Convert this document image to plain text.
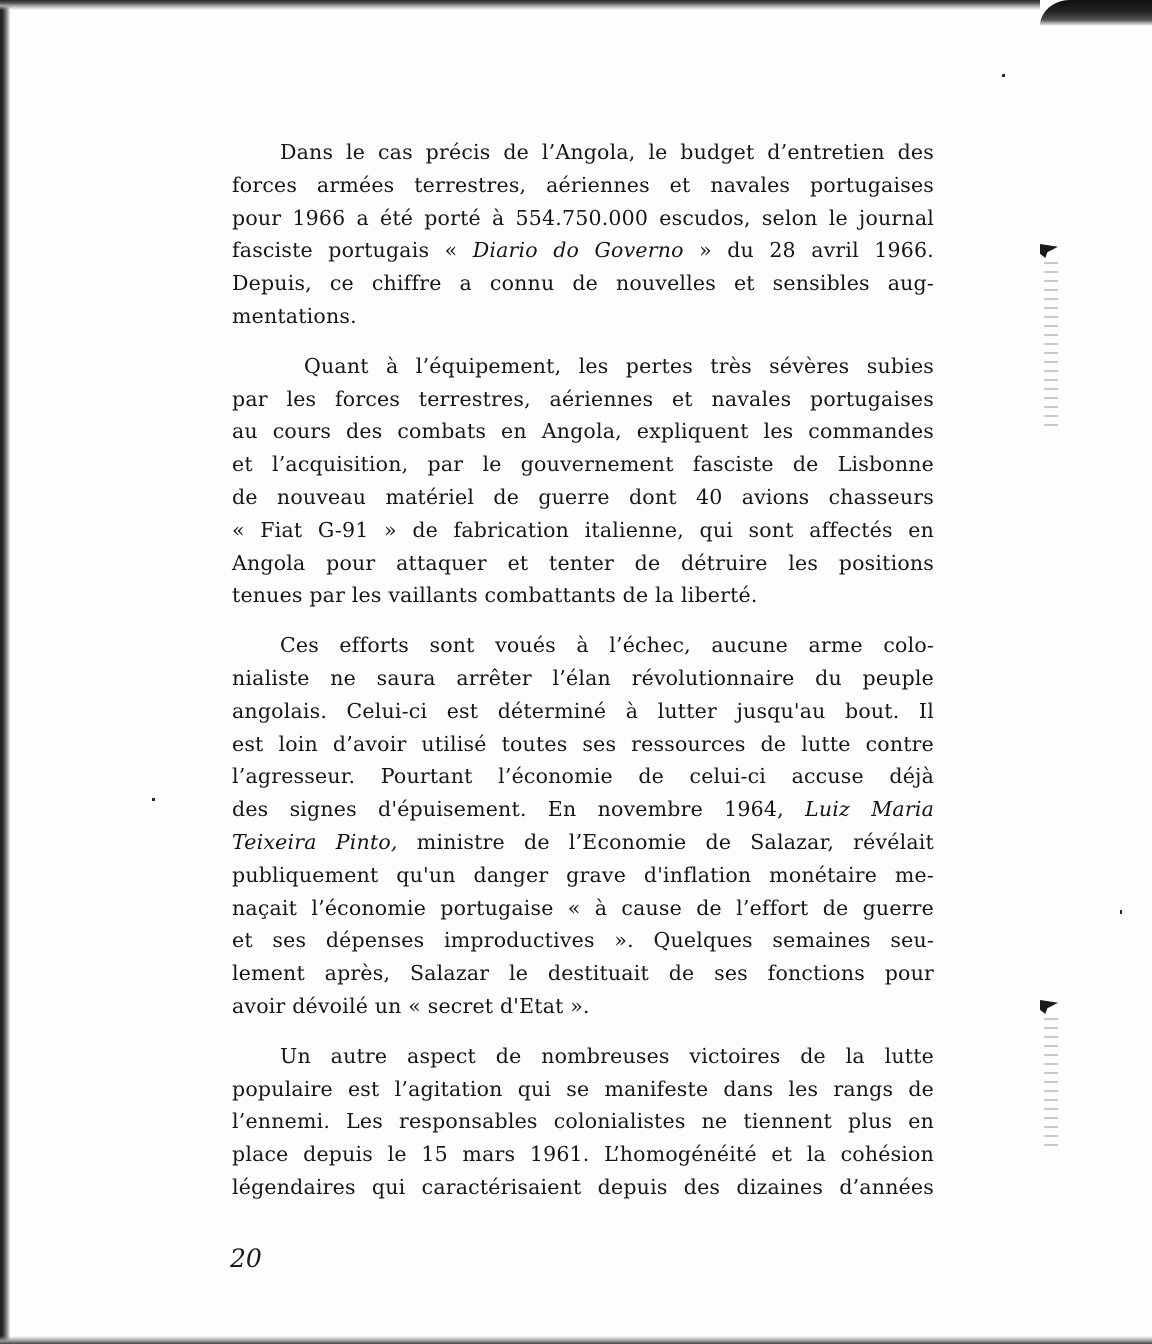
Dans le cas précis de l’Angola, le budget d’entretien des
forces armées terrestres, aériennes et navales portugaises
pour 1966 a été porté à 554.750.000 escudos, selon le journal
fasciste portugais « Diario do Governo » du 28 avril 1966.
Depuis, ce chiffre a connu de nouvelles et sensibles aug-
mentations.

Quant à l’équipement, les pertes très sévères subies
par les forces terrestres, aériennes et navales portugaises
au cours des combats en Angola, expliquent les commandes
et l’acquisition, par le gouvernement fasciste de Lisbonne
de nouveau matériel de guerre dont 40 avions chasseurs
« Fiat G-91 » de fabrication italienne, qui sont affectés en
Angola pour attaquer et tenter de détruire les positions
tenues par les vaillants combattants de la liberté.

Ces efforts sont voués à l’échec, aucune arme colo-
nialiste ne saura arrêter l’élan révolutionnaire du peuple
angolais. Celui-ci est déterminé à lutter jusqu'au bout. Il
est loin d’avoir utilisé toutes ses ressources de lutte contre
l’agresseur. Pourtant l’économie de celui-ci accuse déjà
des signes d'épuisement. En novembre 1964, Luiz Maria
Teixeira Pinto, ministre de l’Economie de Salazar, révélait
publiquement qu'un danger grave d'inflation monétaire me-
naçait l’économie portugaise « à cause de l’effort de guerre
et ses dépenses improductives ». Quelques semaines seu-
lement après, Salazar le destituait de ses fonctions pour
avoir dévoilé un « secret d'Etat ».

Un autre aspect de nombreuses victoires de la lutte
populaire est l’agitation qui se manifeste dans les rangs de
l’ennemi. Les responsables colonialistes ne tiennent plus en
place depuis le 15 mars 1961. L’homogénéité et la cohésion
légendaires qui caractérisaient depuis des dizaines d’années

20
